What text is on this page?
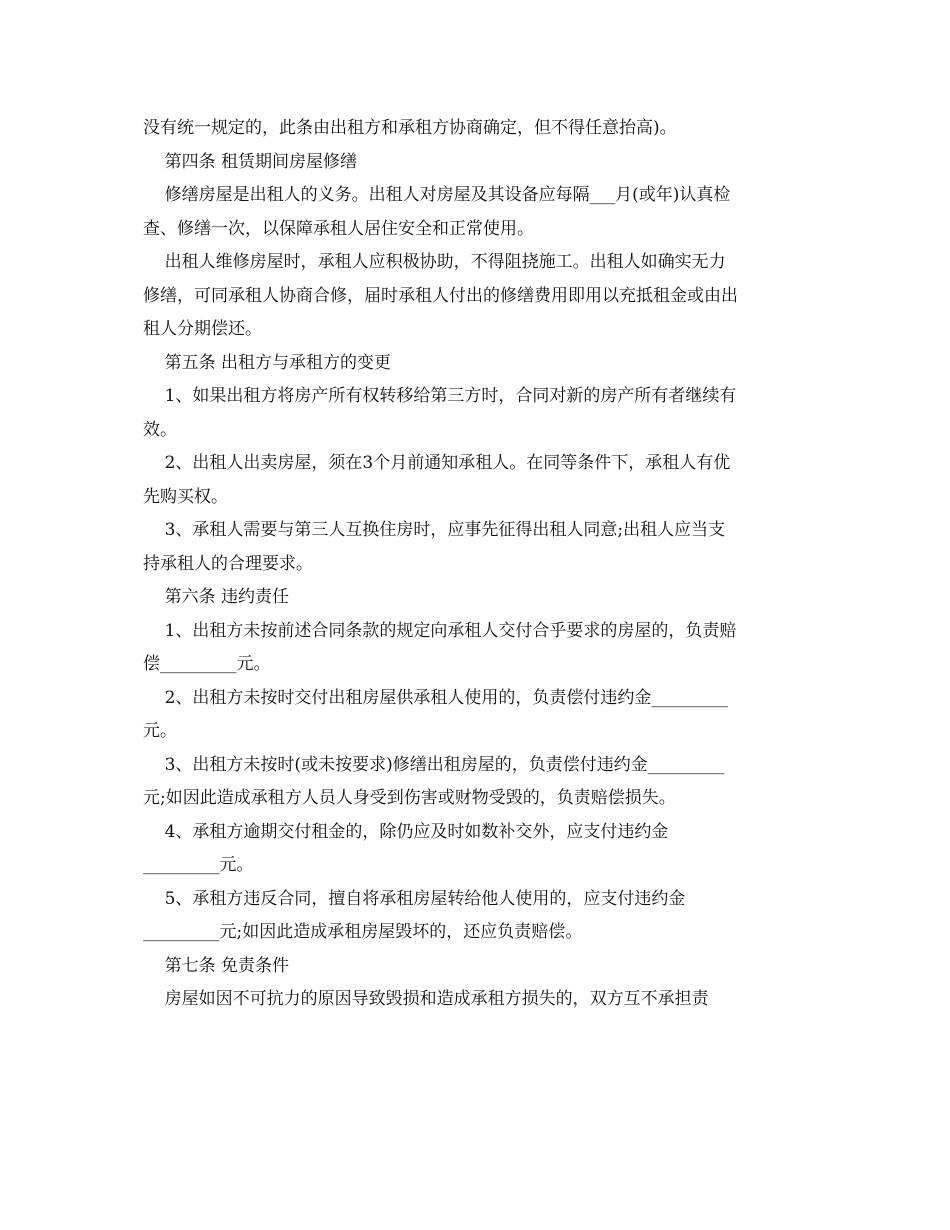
没有统一规定的，此条由出租方和承租方协商确定，但不得任意抬高)。
第四条 租赁期间房屋修缮
修缮房屋是出租人的义务。出租人对房屋及其设备应每隔___月(或年)认真检
查、修缮一次，以保障承租人居住安全和正常使用。
出租人维修房屋时，承租人应积极协助，不得阻挠施工。出租人如确实无力
修缮，可同承租人协商合修，届时承租人付出的修缮费用即用以充抵租金或由出
租人分期偿还。
第五条 出租方与承租方的变更
1、如果出租方将房产所有权转移给第三方时，合同对新的房产所有者继续有
效。
2、出租人出卖房屋，须在3个月前通知承租人。在同等条件下，承租人有优
先购买权。
3、承租人需要与第三人互换住房时，应事先征得出租人同意;出租人应当支
持承租人的合理要求。
第六条 违约责任
1、出租方未按前述合同条款的规定向承租人交付合乎要求的房屋的，负责赔
偿_________元。
2、出租方未按时交付出租房屋供承租人使用的，负责偿付违约金_________
元。
3、出租方未按时(或未按要求)修缮出租房屋的，负责偿付违约金_________
元;如因此造成承租方人员人身受到伤害或财物受毁的，负责赔偿损失。
4、承租方逾期交付租金的，除仍应及时如数补交外，应支付违约金
_________元。
5、承租方违反合同，擅自将承租房屋转给他人使用的，应支付违约金
_________元;如因此造成承租房屋毁坏的，还应负责赔偿。
第七条 免责条件
房屋如因不可抗力的原因导致毁损和造成承租方损失的，双方互不承担责
